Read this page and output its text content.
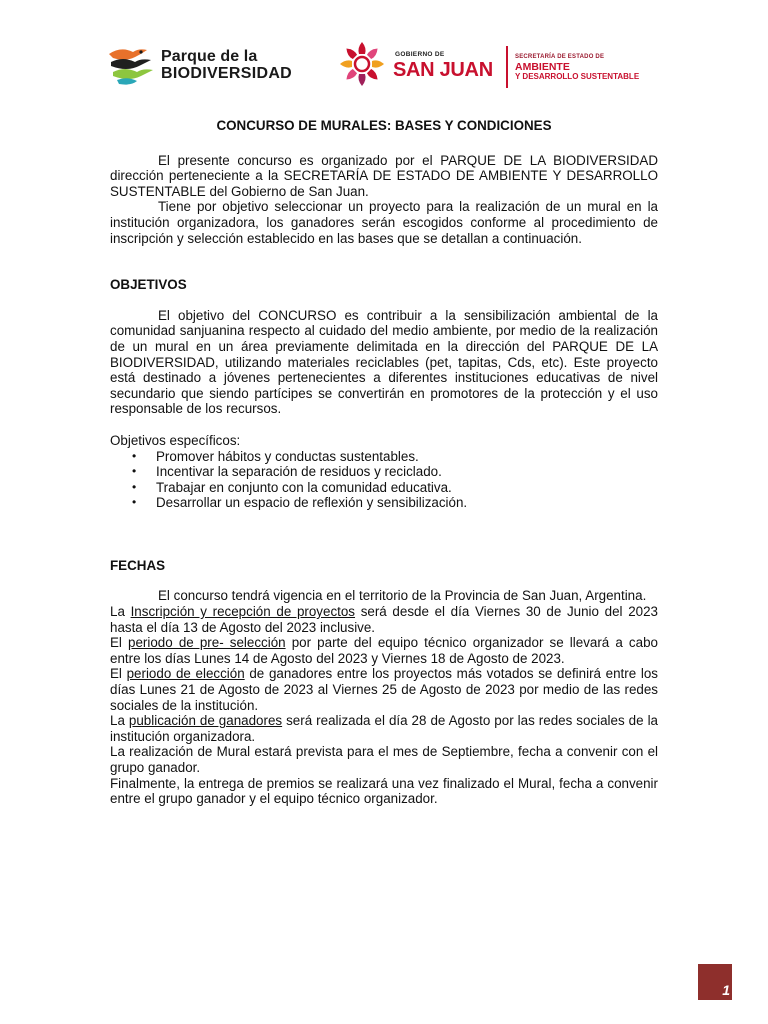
Parque de la
BIODIVERSIDAD
GOBIERNO DE
SAN JUAN
SECRETARÍA DE ESTADO DE
AMBIENTE
Y DESARROLLO SUSTENTABLE

CONCURSO DE MURALES: BASES Y CONDICIONES

El presente concurso es organizado por el PARQUE DE LA BIODIVERSIDAD dirección perteneciente a la SECRETARÍA DE ESTADO DE AMBIENTE Y DESARROLLO SUSTENTABLE del Gobierno de San Juan.

Tiene por objetivo seleccionar un proyecto para la realización de un mural en la institución organizadora, los ganadores serán escogidos conforme al procedimiento de inscripción y selección establecido en las bases que se detallan a continuación.

OBJETIVOS

El objetivo del CONCURSO es contribuir a la sensibilización ambiental de la comunidad sanjuanina respecto al cuidado del medio ambiente, por medio de la realización de un mural en un área previamente delimitada en la dirección del PARQUE DE LA BIODIVERSIDAD, utilizando materiales reciclables (pet, tapitas, Cds, etc). Este proyecto está destinado a jóvenes pertenecientes a diferentes instituciones educativas de nivel secundario que siendo partícipes se convertirán en promotores de la protección y el uso responsable de los recursos.

Objetivos específicos:

• Promover hábitos y conductas sustentables.
• Incentivar la separación de residuos y reciclado.
• Trabajar en conjunto con la comunidad educativa.
• Desarrollar un espacio de reflexión y sensibilización.
FECHAS

El concurso tendrá vigencia en el territorio de la Provincia de San Juan, Argentina.

La Inscripción y recepción de proyectos será desde el día Viernes 30 de Junio del 2023 hasta el día 13 de Agosto del 2023 inclusive.

El periodo de pre- selección por parte del equipo técnico organizador se llevará a cabo entre los días Lunes 14 de Agosto del 2023 y Viernes 18 de Agosto de 2023.

El periodo de elección de ganadores entre los proyectos más votados se definirá entre los días Lunes 21 de Agosto de 2023 al Viernes 25 de Agosto de 2023 por medio de las redes sociales de la institución.

La publicación de ganadores será realizada el día 28 de Agosto por las redes sociales de la institución organizadora.

La realización de Mural estará prevista para el mes de Septiembre, fecha a convenir con el grupo ganador.

Finalmente, la entrega de premios se realizará una vez finalizado el Mural, fecha a convenir entre el grupo ganador y el equipo técnico organizador.

1
